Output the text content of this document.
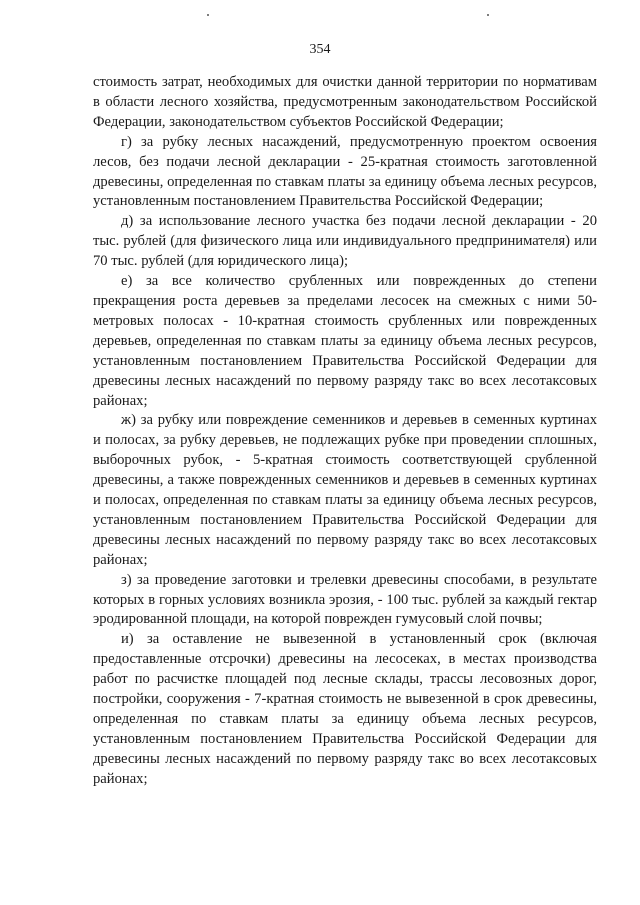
354

стоимость затрат, необходимых для очистки данной территории по нормативам в области лесного хозяйства, предусмотренным законодательством Российской Федерации, законодательством субъектов Российской Федерации;

г) за рубку лесных насаждений, предусмотренную проектом освоения лесов, без подачи лесной декларации - 25-кратная стоимость заготовленной древесины, определенная по ставкам платы за единицу объема лесных ресурсов, установленным постановлением Правительства Российской Федерации;

д) за использование лесного участка без подачи лесной декларации - 20 тыс. рублей (для физического лица или индивидуального предпринимателя) или 70 тыс. рублей (для юридического лица);

е) за все количество срубленных или поврежденных до степени прекращения роста деревьев за пределами лесосек на смежных с ними 50-метровых полосах - 10-кратная стоимость срубленных или поврежденных деревьев, определенная по ставкам платы за единицу объема лесных ресурсов, установленным постановлением Правительства Российской Федерации для древесины лесных насаждений по первому разряду такс во всех лесотаксовых районах;

ж) за рубку или повреждение семенников и деревьев в семенных куртинах и полосах, за рубку деревьев, не подлежащих рубке при проведении сплошных, выборочных рубок, - 5-кратная стоимость соответствующей срубленной древесины, а также поврежденных семенников и деревьев в семенных куртинах и полосах, определенная по ставкам платы за единицу объема лесных ресурсов, установленным постановлением Правительства Российской Федерации для древесины лесных насаждений по первому разряду такс во всех лесотаксовых районах;

з) за проведение заготовки и трелевки древесины способами, в результате которых в горных условиях возникла эрозия, - 100 тыс. рублей за каждый гектар эродированной площади, на которой поврежден гумусовый слой почвы;

и) за оставление не вывезенной в установленный срок (включая предоставленные отсрочки) древесины на лесосеках, в местах производства работ по расчистке площадей под лесные склады, трассы лесовозных дорог, постройки, сооружения - 7-кратная стоимость не вывезенной в срок древесины, определенная по ставкам платы за единицу объема лесных ресурсов, установленным постановлением Правительства Российской Федерации для древесины лесных насаждений по первому разряду такс во всех лесотаксовых районах;
